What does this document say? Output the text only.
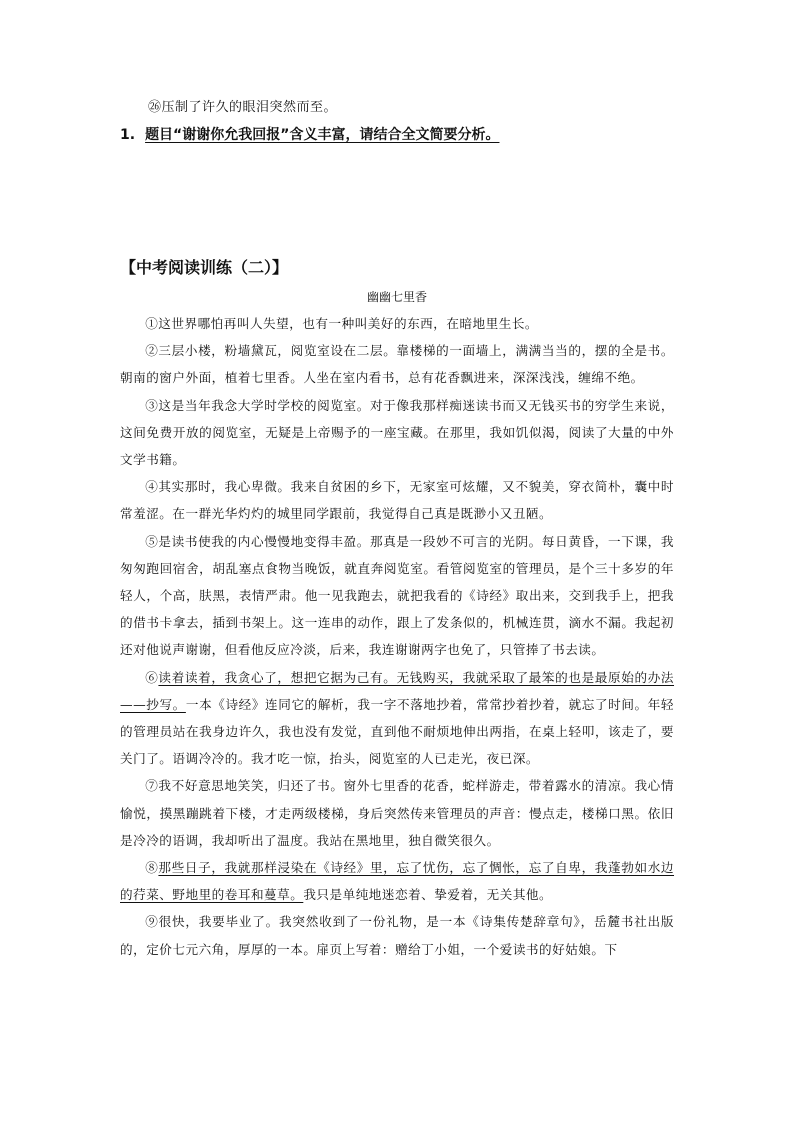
㉖压制了许久的眼泪突然而至。
1. 题目“谢谢你允我回报”含义丰富，请结合全文简要分析。
【中考阅读训练（二）】
幽幽七里香

①这世界哪怕再叫人失望，也有一种叫美好的东西，在暗地里生长。

②三层小楼，粉墙黛瓦，阅览室设在二层。靠楼梯的一面墙上，满满当当的，摆的全是书。朝南的窗户外面，植着七里香。人坐在室内看书，总有花香飘进来，深深浅浅，缠绵不绝。

③这是当年我念大学时学校的阅览室。对于像我那样痴迷读书而又无钱买书的穷学生来说，这间免费开放的阅览室，无疑是上帝赐予的一座宝藏。在那里，我如饥似渴，阅读了大量的中外文学书籍。

④其实那时，我心卑微。我来自贫困的乡下，无家室可炫耀，又不貌美，穿衣简朴，囊中时常羞涩。在一群光华灼灼的城里同学跟前，我觉得自己真是既渺小又丑陋。

⑤是读书使我的内心慢慢地变得丰盈。那真是一段妙不可言的光阴。每日黄昏，一下课，我匆匆跑回宿舍，胡乱塞点食物当晚饭，就直奔阅览室。看管阅览室的管理员，是个三十多岁的年轻人，个高，肤黑，表情严肃。他一见我跑去，就把我看的《诗经》取出来，交到我手上，把我的借书卡拿去，插到书架上。这一连串的动作，跟上了发条似的，机械连贯，滴水不漏。我起初还对他说声谢谢，但看他反应冷淡，后来，我连谢谢两字也免了，只管捧了书去读。

⑥读着读着，我贪心了，想把它据为己有。无钱购买，我就采取了最笨的也是最原始的办法——抄写。一本《诗经》连同它的解析，我一字不落地抄着，常常抄着抄着，就忘了时间。年轻的管理员站在我身边许久，我也没有发觉，直到他不耐烦地伸出两指，在桌上轻叩，该走了，要关门了。语调冷冷的。我才吃一惊，抬头，阅览室的人已走光，夜已深。

⑦我不好意思地笑笑，归还了书。窗外七里香的花香，蛇样游走，带着露水的清凉。我心情愉悦，摸黑蹦跳着下楼，才走两级楼梯，身后突然传来管理员的声音：慢点走，楼梯口黑。依旧是冷冷的语调，我却听出了温度。我站在黑地里，独自微笑很久。

⑧那些日子，我就那样浸染在《诗经》里，忘了忧伤，忘了惆怅，忘了自卑，我蓬勃如水边的荇菜、野地里的卷耳和蔓草。我只是单纯地迷恋着、挚爱着，无关其他。

⑨很快，我要毕业了。我突然收到了一份礼物，是一本《诗集传楚辞章句》，岳麓书社出版的，定价七元六角，厚厚的一本。扉页上写着：赠给丁小姐，一个爱读书的好姑娘。下
